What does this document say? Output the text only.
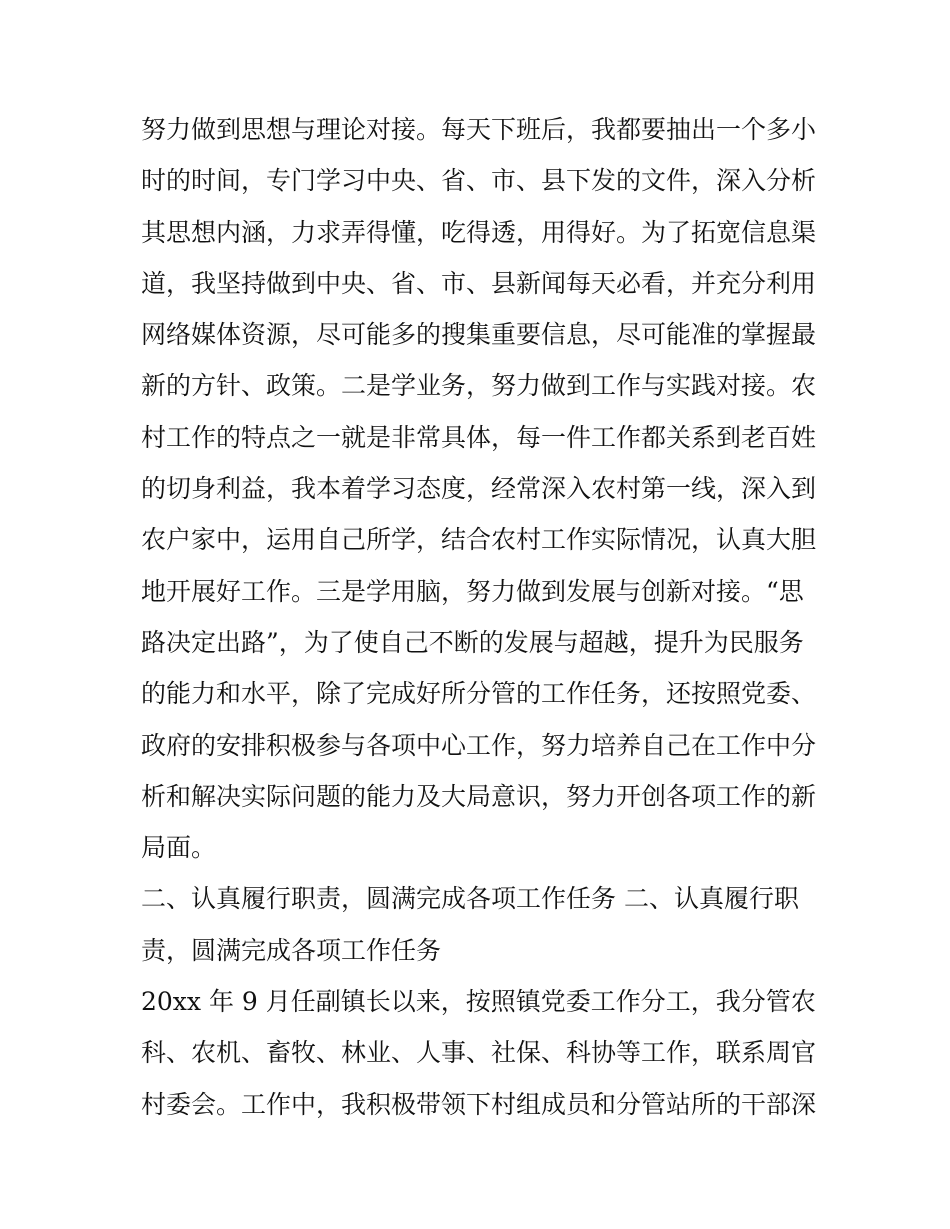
努力做到思想与理论对接。每天下班后，我都要抽出一个多小
时的时间，专门学习中央、省、市、县下发的文件，深入分析
其思想内涵，力求弄得懂，吃得透，用得好。为了拓宽信息渠
道，我坚持做到中央、省、市、县新闻每天必看，并充分利用
网络媒体资源，尽可能多的搜集重要信息，尽可能准的掌握最
新的方针、政策。二是学业务，努力做到工作与实践对接。农
村工作的特点之一就是非常具体，每一件工作都关系到老百姓
的切身利益，我本着学习态度，经常深入农村第一线，深入到
农户家中，运用自己所学，结合农村工作实际情况，认真大胆
地开展好工作。三是学用脑，努力做到发展与创新对接。“思
路决定出路”，为了使自己不断的发展与超越，提升为民服务
的能力和水平，除了完成好所分管的工作任务，还按照党委、
政府的安排积极参与各项中心工作，努力培养自己在工作中分
析和解决实际问题的能力及大局意识，努力开创各项工作的新
局面。
二、认真履行职责，圆满完成各项工作任务 二、认真履行职
责，圆满完成各项工作任务
20xx 年 9 月任副镇长以来，按照镇党委工作分工，我分管农
科、农机、畜牧、林业、人事、社保、科协等工作，联系周官
村委会。工作中，我积极带领下村组成员和分管站所的干部深
